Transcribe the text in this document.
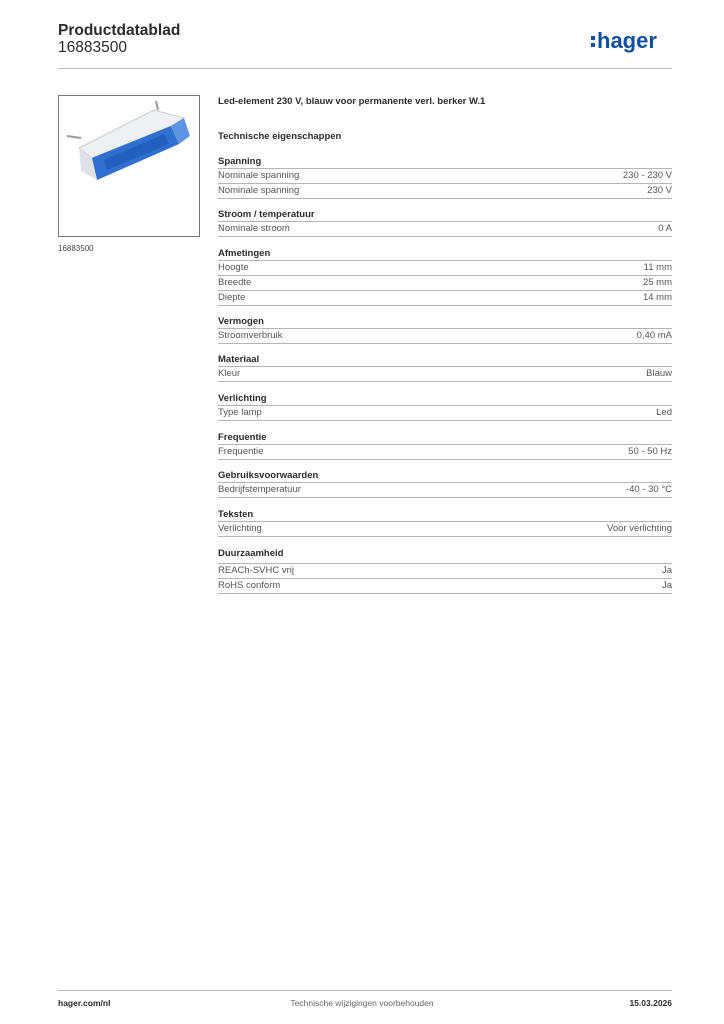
Productdatablad
16883500	hager
16883500
Led-element 230 V, blauw voor permanente verl. berker W.1
Technische eigenschappen
Spanning
Nominale spanning	230 - 230 V
Nominale spanning	230 V
Stroom / temperatuur
Nominale stroom	0 A
Afmetingen
Hoogte	11 mm
Breedte	25 mm
Diepte	14 mm
Vermogen
Stroomverbruik	0,40 mA
Materiaal
Kleur	Blauw
Verlichting
Type lamp	Led
Frequentie
Frequentie	50 - 50 Hz
Gebruiksvoorwaarden
Bedrijfstemperatuur	-40 - 30 °C
Teksten
Verlichting	Voor verlichting
Duurzaamheid
REACh-SVHC vrij	Ja
RoHS conform	Ja
hager.com/nl	Technische wijzigingen voorbehouden	15.03.2026
